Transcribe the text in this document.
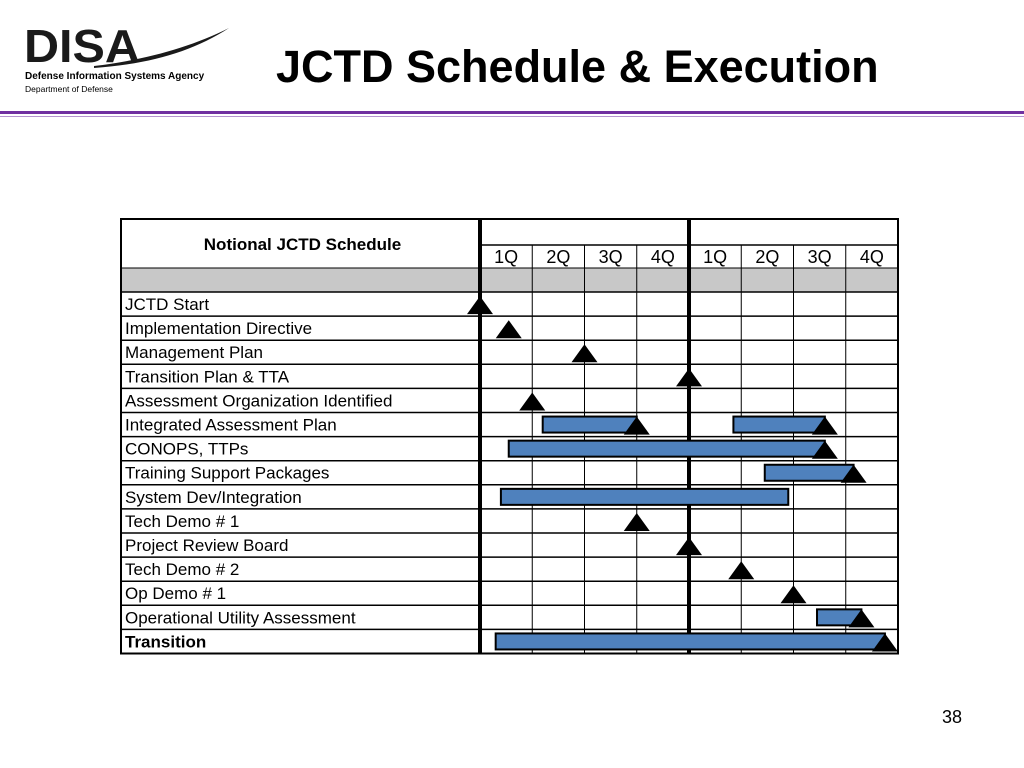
DISA
Defense Information Systems Agency
Department of Defense	JCTD Schedule & Execution
Notional JCTD Schedule
1Q 2Q 3Q 4Q 1Q 2Q 3Q 4Q
JCTD Start
Implementation Directive
Management Plan
Transition Plan & TTA
Assessment Organization Identified
Integrated Assessment Plan
CONOPS, TTPs
Training Support Packages
System Dev/Integration
Tech Demo # 1
Project Review Board
Tech Demo # 2
Op Demo # 1
Operational Utility Assessment
Transition
38
